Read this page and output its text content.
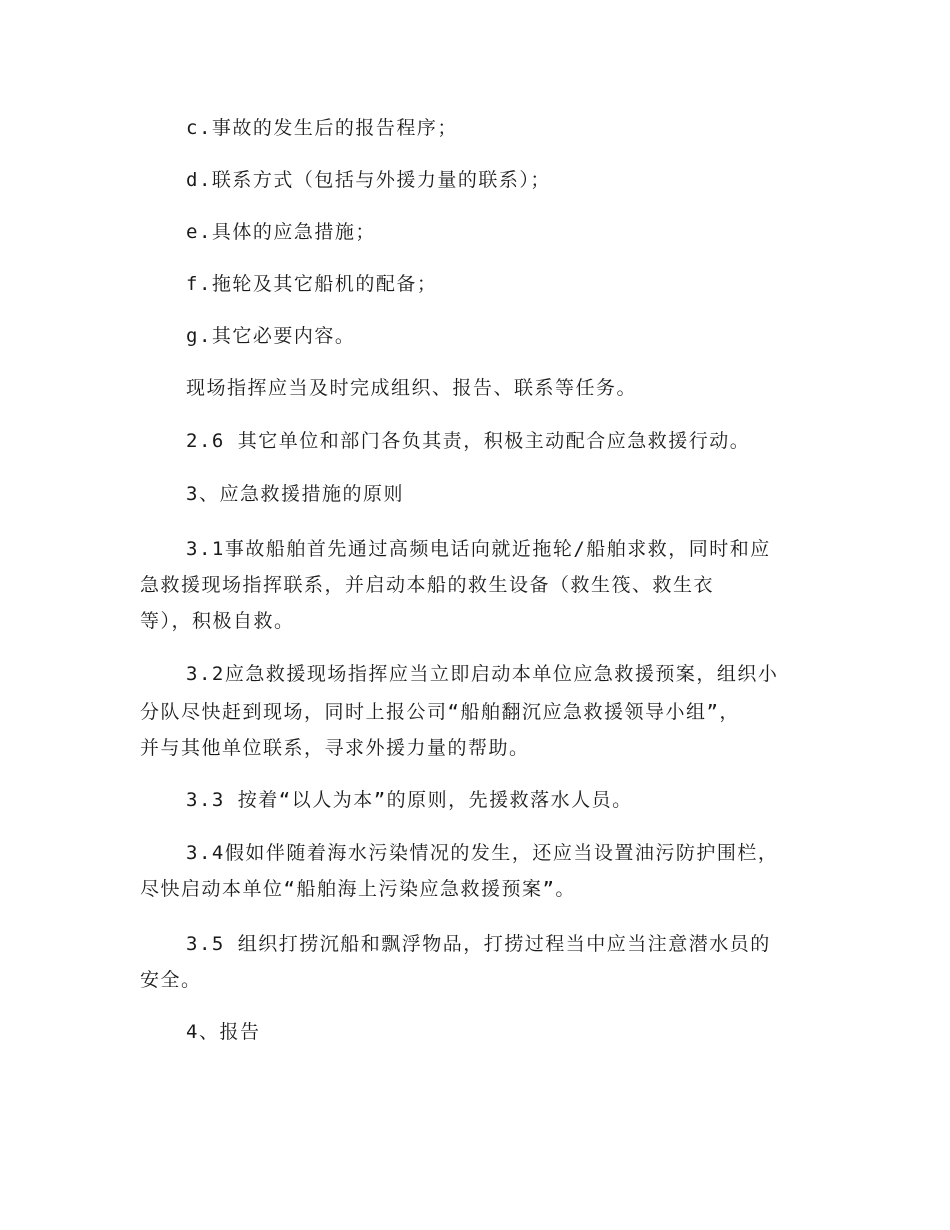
c.事故的发生后的报告程序；
d.联系方式（包括与外援力量的联系）；
e.具体的应急措施；
f.拖轮及其它船机的配备；
g.其它必要内容。
现场指挥应当及时完成组织、报告、联系等任务。
2.6 其它单位和部门各负其责，积极主动配合应急救援行动。
3、应急救援措施的原则
3.1事故船舶首先通过高频电话向就近拖轮/船舶求救，同时和应
急救援现场指挥联系，并启动本船的救生设备（救生筏、救生衣
等），积极自救。
3.2应急救援现场指挥应当立即启动本单位应急救援预案，组织小
分队尽快赶到现场，同时上报公司“船舶翻沉应急救援领导小组”，
并与其他单位联系，寻求外援力量的帮助。
3.3 按着“以人为本”的原则，先援救落水人员。
3.4假如伴随着海水污染情况的发生，还应当设置油污防护围栏，
尽快启动本单位“船舶海上污染应急救援预案”。
3.5 组织打捞沉船和飘浮物品，打捞过程当中应当注意潜水员的
安全。
4、报告
